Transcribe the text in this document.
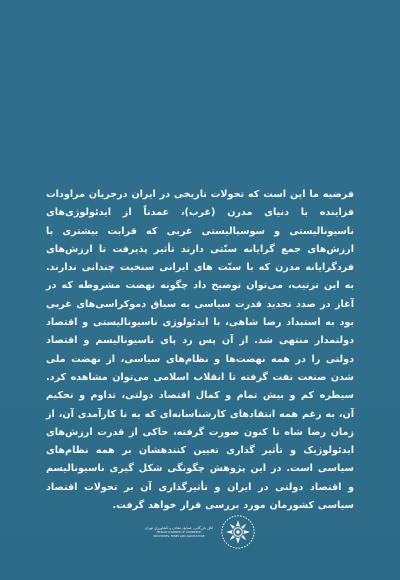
فرضیه ما این است که تحولات تاریخی در ایران درجریان مراودات فزاینده با دنیای مدرن (غرب)، عمدتاً از ایدئولوژی‌های ناسیونالیستی و سوسیالیستی غربی که قرابت بیشتری با ارزش‌های جمع گرایانه سنّتی دارند تأثیر پذیرفت تا ارزش‌های فردگرایانه مدرن که با سنّت‌ های ایرانی سنخیت چندانی ندارند. به این ترتیب، می‌توان توضیح داد چگونه نهضت مشروطه که در آغاز در صدد تحدید قدرت سیاسی به سیاق دموکراسی‌های غربی بود به استبداد رضا شاهی، با ایدئولوژی ناسیونالیستی و اقتصاد دولتمدار منتهی شد. از آن پس رد پای ناسیونالیسم و اقتصاد دولتی را در همه نهضت‌ها و نظام‌های سیاسی، از نهضت ملی شدن صنعت نفت گرفته تا انقلاب اسلامی می‌توان مشاهده کرد. سیطره کم و بیش تمام و کمال اقتصاد دولتی، تداوم و تحکیم آن، به رغم همه انتقادهای کارشناسانه‌ای که به نا کارآمدی آن، از زمان رضا شاه تا کنون صورت گرفته، حاکی از قدرت ارزش‌های ایدئولوژیک و تأثیر گذاری تعیین کنندهشان بر همه نظام‌های سیاسی است. در این پژوهش چگونگی شکل گیری ناسیونالیسم و اقتصاد دولتی در ایران و تأثیرگذاری آن بر تحولات اقتصاد سیاسی کشورمان مورد بررسی قرار خواهد گرفت.

اتاق بازرگانی، صنایع، معادن و کشاورزی تهران
TEHRAN CHAMBER OF COMMERCE,
INDUSTRIES, MINES AND AGRICULTURE
